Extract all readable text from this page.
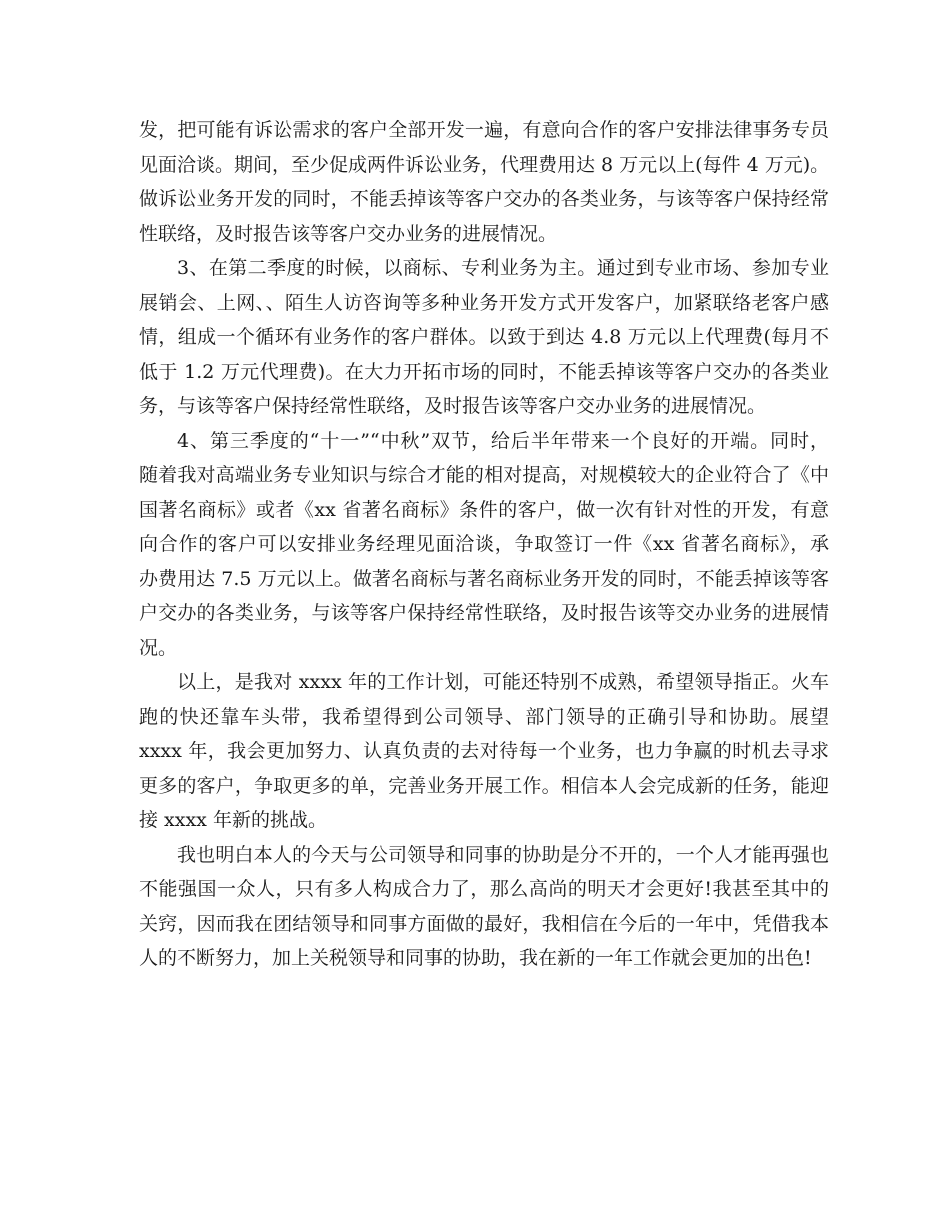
发，把可能有诉讼需求的客户全部开发一遍，有意向合作的客户安排法律事务专员
见面洽谈。期间，至少促成两件诉讼业务，代理费用达 8 万元以上(每件 4 万元)。
做诉讼业务开发的同时，不能丢掉该等客户交办的各类业务，与该等客户保持经常
性联络，及时报告该等客户交办业务的进展情况。
3、在第二季度的时候，以商标、专利业务为主。通过到专业市场、参加专业
展销会、上网、、陌生人访咨询等多种业务开发方式开发客户，加紧联络老客户感
情，组成一个循环有业务作的客户群体。以致于到达 4.8 万元以上代理费(每月不
低于 1.2 万元代理费)。在大力开拓市场的同时，不能丢掉该等客户交办的各类业
务，与该等客户保持经常性联络，及时报告该等客户交办业务的进展情况。
4、第三季度的“十一”“中秋”双节，给后半年带来一个良好的开端。同时，
随着我对高端业务专业知识与综合才能的相对提高，对规模较大的企业符合了《中
国著名商标》或者《xx 省著名商标》条件的客户，做一次有针对性的开发，有意
向合作的客户可以安排业务经理见面洽谈，争取签订一件《xx 省著名商标》，承
办费用达 7.5 万元以上。做著名商标与著名商标业务开发的同时，不能丢掉该等客
户交办的各类业务，与该等客户保持经常性联络，及时报告该等交办业务的进展情
况。
以上，是我对 xxxx 年的工作计划，可能还特别不成熟，希望领导指正。火车
跑的快还靠车头带，我希望得到公司领导、部门领导的正确引导和协助。展望
xxxx 年，我会更加努力、认真负责的去对待每一个业务，也力争赢的时机去寻求
更多的客户，争取更多的单，完善业务开展工作。相信本人会完成新的任务，能迎
接 xxxx 年新的挑战。
我也明白本人的今天与公司领导和同事的协助是分不开的，一个人才能再强也
不能强国一众人，只有多人构成合力了，那么高尚的明天才会更好!我甚至其中的
关窍，因而我在团结领导和同事方面做的最好，我相信在今后的一年中，凭借我本
人的不断努力，加上关税领导和同事的协助，我在新的一年工作就会更加的出色!
